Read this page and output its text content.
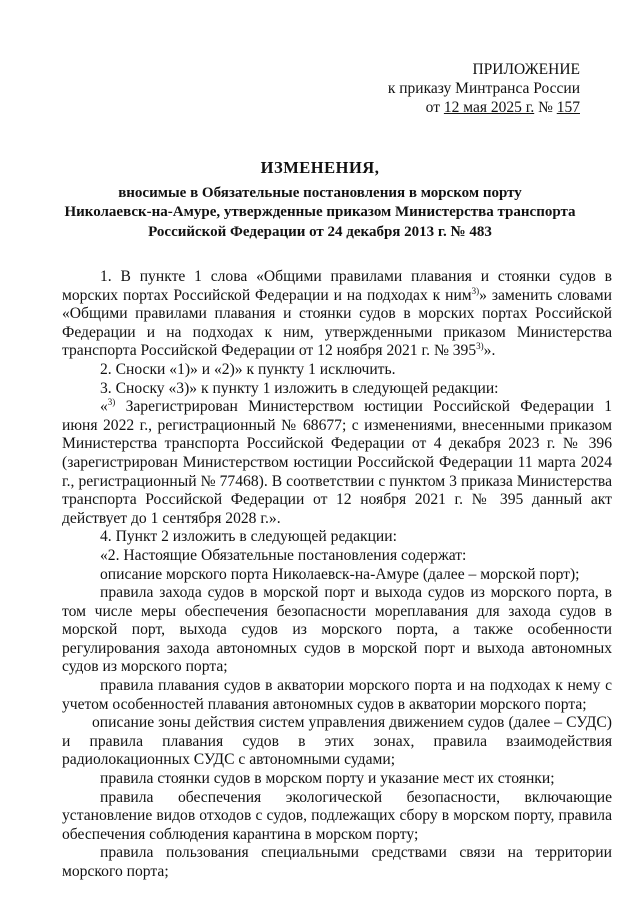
ПРИЛОЖЕНИЕ
к приказу Минтранса России
от 12 мая 2025 г. № 157
ИЗМЕНЕНИЯ,
вносимые в Обязательные постановления в морском порту
Николаевск-на-Амуре, утвержденные приказом Министерства транспорта
Российской Федерации от 24 декабря 2013 г. № 483

1. В пункте 1 слова «Общими правилами плавания и стоянки судов в морских портах Российской Федерации и на подходах к ним$^{3)}$» заменить словами «Общими правилами плавания и стоянки судов в морских портах Российской Федерации и на подходах к ним, утвержденными приказом Министерства транспорта Российской Федерации от 12 ноября 2021 г. № 395$^{3)}$».

2. Сноски «1)» и «2)» к пункту 1 исключить.

3. Сноску «3)» к пункту 1 изложить в следующей редакции:

«$^{3)}$ Зарегистрирован Министерством юстиции Российской Федерации 1 июня 2022 г., регистрационный № 68677; с изменениями, внесенными приказом Министерства транспорта Российской Федерации от 4 декабря 2023 г. № 396 (зарегистрирован Министерством юстиции Российской Федерации 11 марта 2024 г., регистрационный № 77468). В соответствии с пунктом 3 приказа Министерства транспорта Российской Федерации от 12 ноября 2021 г. № 395 данный акт действует до 1 сентября 2028 г.».

4. Пункт 2 изложить в следующей редакции:

«2. Настоящие Обязательные постановления содержат:

описание морского порта Николаевск-на-Амуре (далее – морской порт);

правила захода судов в морской порт и выхода судов из морского порта, в том числе меры обеспечения безопасности мореплавания для захода судов в морской порт, выхода судов из морского порта, а также особенности регулирования захода автономных судов в морской порт и выхода автономных судов из морского порта;

правила плавания судов в акватории морского порта и на подходах к нему с учетом особенностей плавания автономных судов в акватории морского порта;

описание зоны действия систем управления движением судов (далее – СУДС) и правила плавания судов в этих зонах, правила взаимодействия радиолокационных СУДС с автономными судами;

правила стоянки судов в морском порту и указание мест их стоянки;

правила обеспечения экологической безопасности, включающие установление видов отходов с судов, подлежащих сбору в морском порту, правила обеспечения соблюдения карантина в морском порту;

правила пользования специальными средствами связи на территории морского порта;
